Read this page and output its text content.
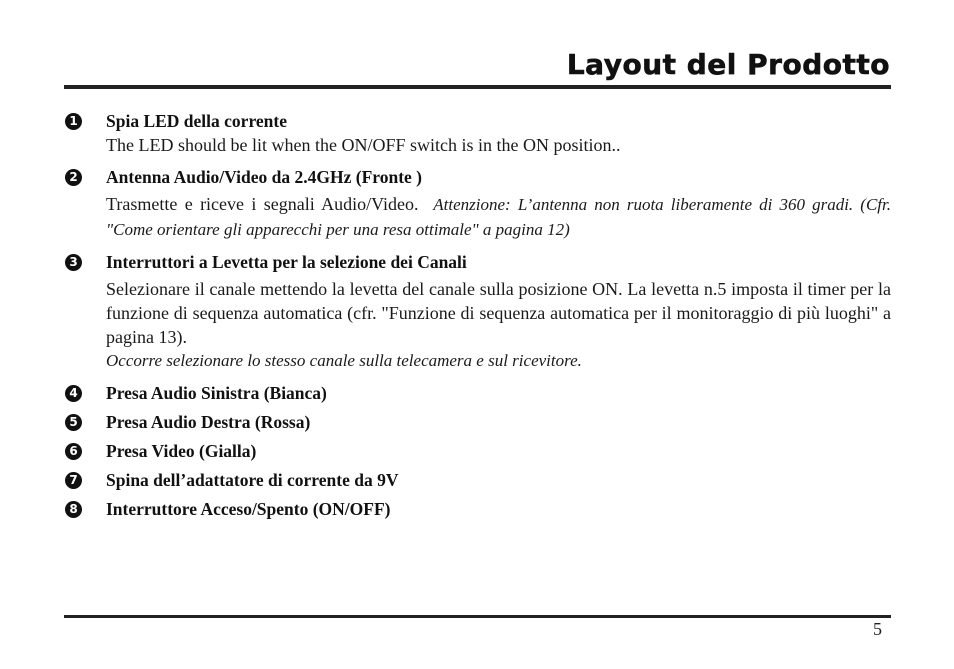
Layout del Prodotto
1 Spia LED della corrente
The LED should be lit when the ON/OFF switch is in the ON position..
2 Antenna Audio/Video da 2.4GHz (Fronte )
Trasmette e riceve i segnali Audio/Video. Attenzione: L’antenna non ruota liberamente di 360 gradi. (Cfr. "Come orientare gli apparecchi per una resa ottimale" a pagina 12)
3 Interruttori a Levetta per la selezione dei Canali
Selezionare il canale mettendo la levetta del canale sulla posizione ON. La levetta n.5 imposta il timer per la funzione di sequenza automatica (cfr. "Funzione di sequenza automatica per il monitoraggio di più luoghi" a pagina 13).
Occorre selezionare lo stesso canale sulla telecamera e sul ricevitore.
4 Presa Audio Sinistra (Bianca)
5 Presa Audio Destra (Rossa)
6 Presa Video (Gialla)
7 Spina dell’adattatore di corrente da 9V
8 Interruttore Acceso/Spento (ON/OFF)
5
